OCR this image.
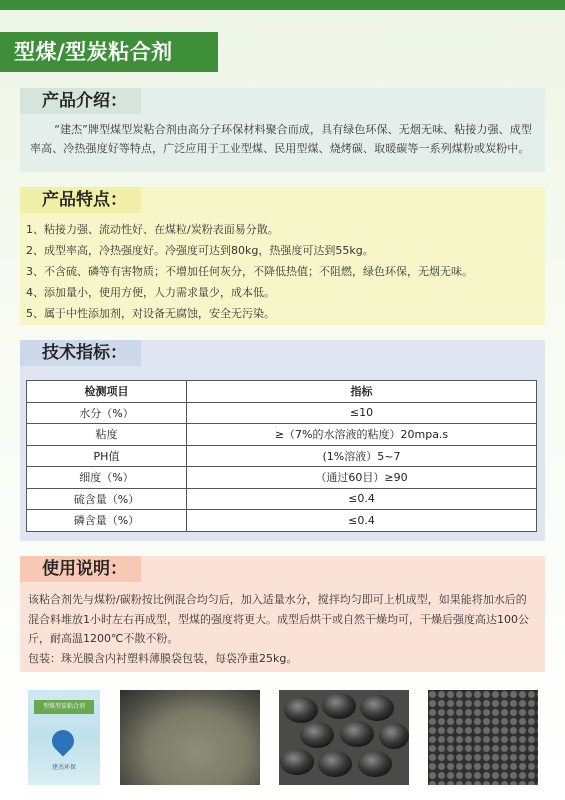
型煤/型炭粘合剂
产品介绍：
“建杰”牌型煤型炭粘合剂由高分子环保材料聚合而成，具有绿色环保、无烟无味、粘接力强、成型率高、冷热强度好等特点，广泛应用于工业型煤、民用型煤、烧烤碳、取暖碳等一系列煤粉或炭粉中。
产品特点：
1、粘接力强、流动性好、在煤粒/炭粉表面易分散。
2、成型率高，冷热强度好。冷强度可达到80kg，热强度可达到55kg。
3、不含硫、磷等有害物质；不增加任何灰分，不降低热值；不阻燃，绿色环保，无烟无味。
4、添加量小，使用方便，人力需求量少，成本低。
5、属于中性添加剂，对设备无腐蚀，安全无污染。
技术指标：
检测项目	指标
水分（%）	≤10
粘度	≥（7%的水溶液的粘度）20mpa.s
PH值	(1%溶液）5~7
细度（%）	（通过60目）≥90
硫含量（%）	≤0.4
磷含量（%）	≤0.4
使用说明：

该粘合剂先与煤粉/碳粉按比例混合均匀后，加入适量水分，搅拌均匀即可上机成型，如果能将加水后的混合料堆放1小时左右再成型，型煤的强度将更大。成型后烘干或自然干燥均可，干燥后强度高达100公斤，耐高温1200℃不散不粉。

包装：珠光膜含内衬塑料薄膜袋包装，每袋净重25kg。

型煤型炭粘合剂
建杰环保
